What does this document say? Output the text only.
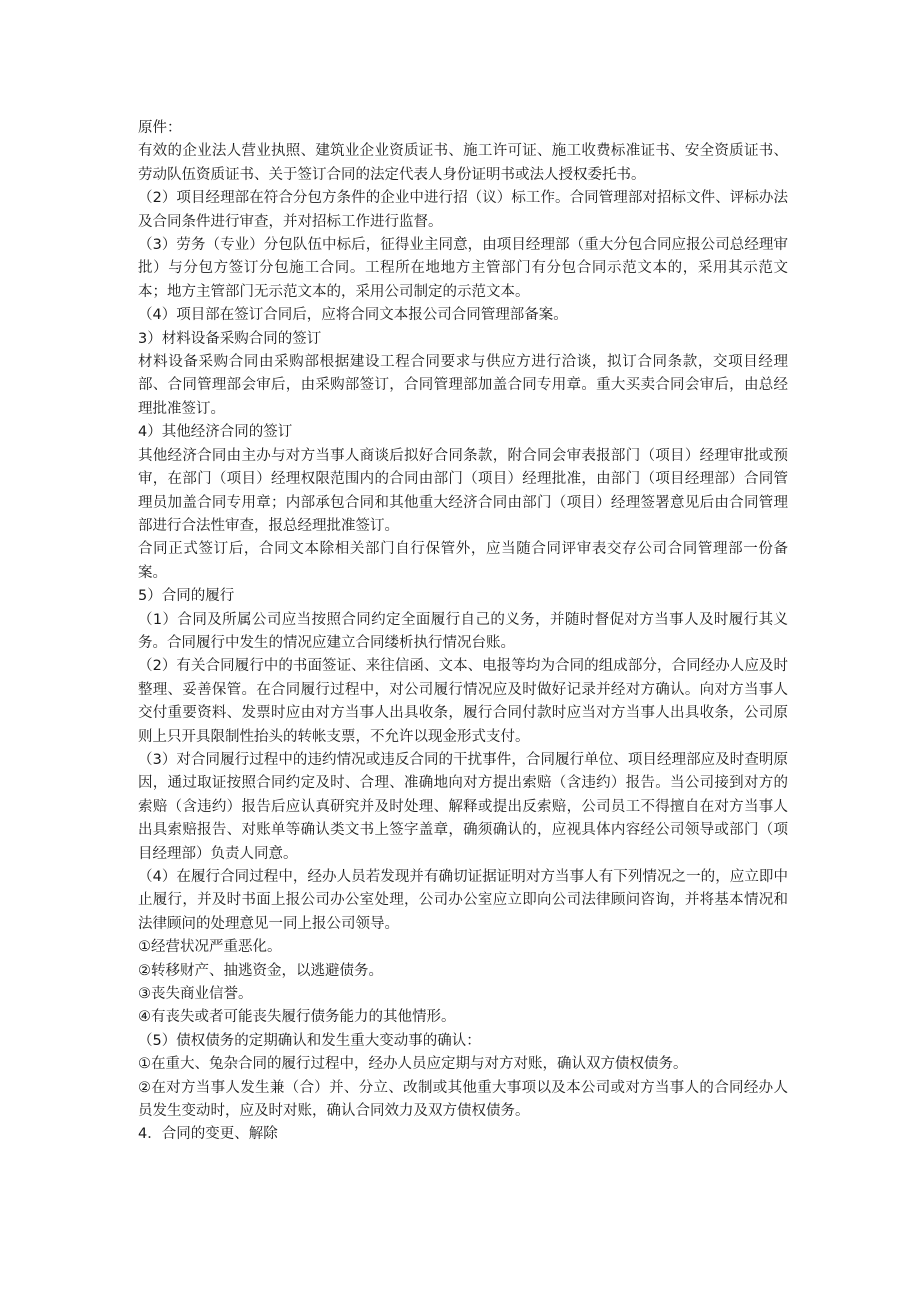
原件：

有效的企业法人营业执照、建筑业企业资质证书、施工许可证、施工收费标准证书、安全资质证书、劳动队伍资质证书、关于签订合同的法定代表人身份证明书或法人授权委托书。

（2）项目经理部在符合分包方条件的企业中进行招（议）标工作。合同管理部对招标文件、评标办法及合同条件进行审查，并对招标工作进行监督。

（3）劳务（专业）分包队伍中标后，征得业主同意，由项目经理部（重大分包合同应报公司总经理审批）与分包方签订分包施工合同。工程所在地地方主管部门有分包合同示范文本的，采用其示范文本；地方主管部门无示范文本的，采用公司制定的示范文本。

（4）项目部在签订合同后，应将合同文本报公司合同管理部备案。

3）材料设备采购合同的签订

材料设备采购合同由采购部根据建设工程合同要求与供应方进行洽谈，拟订合同条款，交项目经理部、合同管理部会审后，由采购部签订，合同管理部加盖合同专用章。重大买卖合同会审后，由总经理批准签订。

4）其他经济合同的签订

其他经济合同由主办与对方当事人商谈后拟好合同条款，附合同会审表报部门（项目）经理审批或预审，在部门（项目）经理权限范围内的合同由部门（项目）经理批准，由部门（项目经理部）合同管理员加盖合同专用章；内部承包合同和其他重大经济合同由部门（项目）经理签署意见后由合同管理部进行合法性审查，报总经理批准签订。

合同正式签订后，合同文本除相关部门自行保管外，应当随合同评审表交存公司合同管理部一份备案。

5）合同的履行

（1）合同及所属公司应当按照合同约定全面履行自己的义务，并随时督促对方当事人及时履行其义务。合同履行中发生的情况应建立合同缕析执行情况台账。

（2）有关合同履行中的书面签证、来往信函、文本、电报等均为合同的组成部分，合同经办人应及时整理、妥善保管。在合同履行过程中，对公司履行情况应及时做好记录并经对方确认。向对方当事人交付重要资料、发票时应由对方当事人出具收条，履行合同付款时应当对方当事人出具收条，公司原则上只开具限制性抬头的转帐支票，不允许以现金形式支付。

（3）对合同履行过程中的违约情况或违反合同的干扰事件，合同履行单位、项目经理部应及时查明原因，通过取证按照合同约定及时、合理、准确地向对方提出索赔（含违约）报告。当公司接到对方的索赔（含违约）报告后应认真研究并及时处理、解释或提出反索赔，公司员工不得擅自在对方当事人出具索赔报告、对账单等确认类文书上签字盖章，确须确认的，应视具体内容经公司领导或部门（项目经理部）负责人同意。

（4）在履行合同过程中，经办人员若发现并有确切证据证明对方当事人有下列情况之一的，应立即中止履行，并及时书面上报公司办公室处理，公司办公室应立即向公司法律顾问咨询，并将基本情况和法律顾问的处理意见一同上报公司领导。

①经营状况严重恶化。

②转移财产、抽逃资金，以逃避债务。

③丧失商业信誉。

④有丧失或者可能丧失履行债务能力的其他情形。

（5）债权债务的定期确认和发生重大变动事的确认：

①在重大、兔杂合同的履行过程中，经办人员应定期与对方对账，确认双方债权债务。

②在对方当事人发生兼（合）并、分立、改制或其他重大事项以及本公司或对方当事人的合同经办人员发生变动时，应及时对账，确认合同效力及双方债权债务。

4．合同的变更、解除
